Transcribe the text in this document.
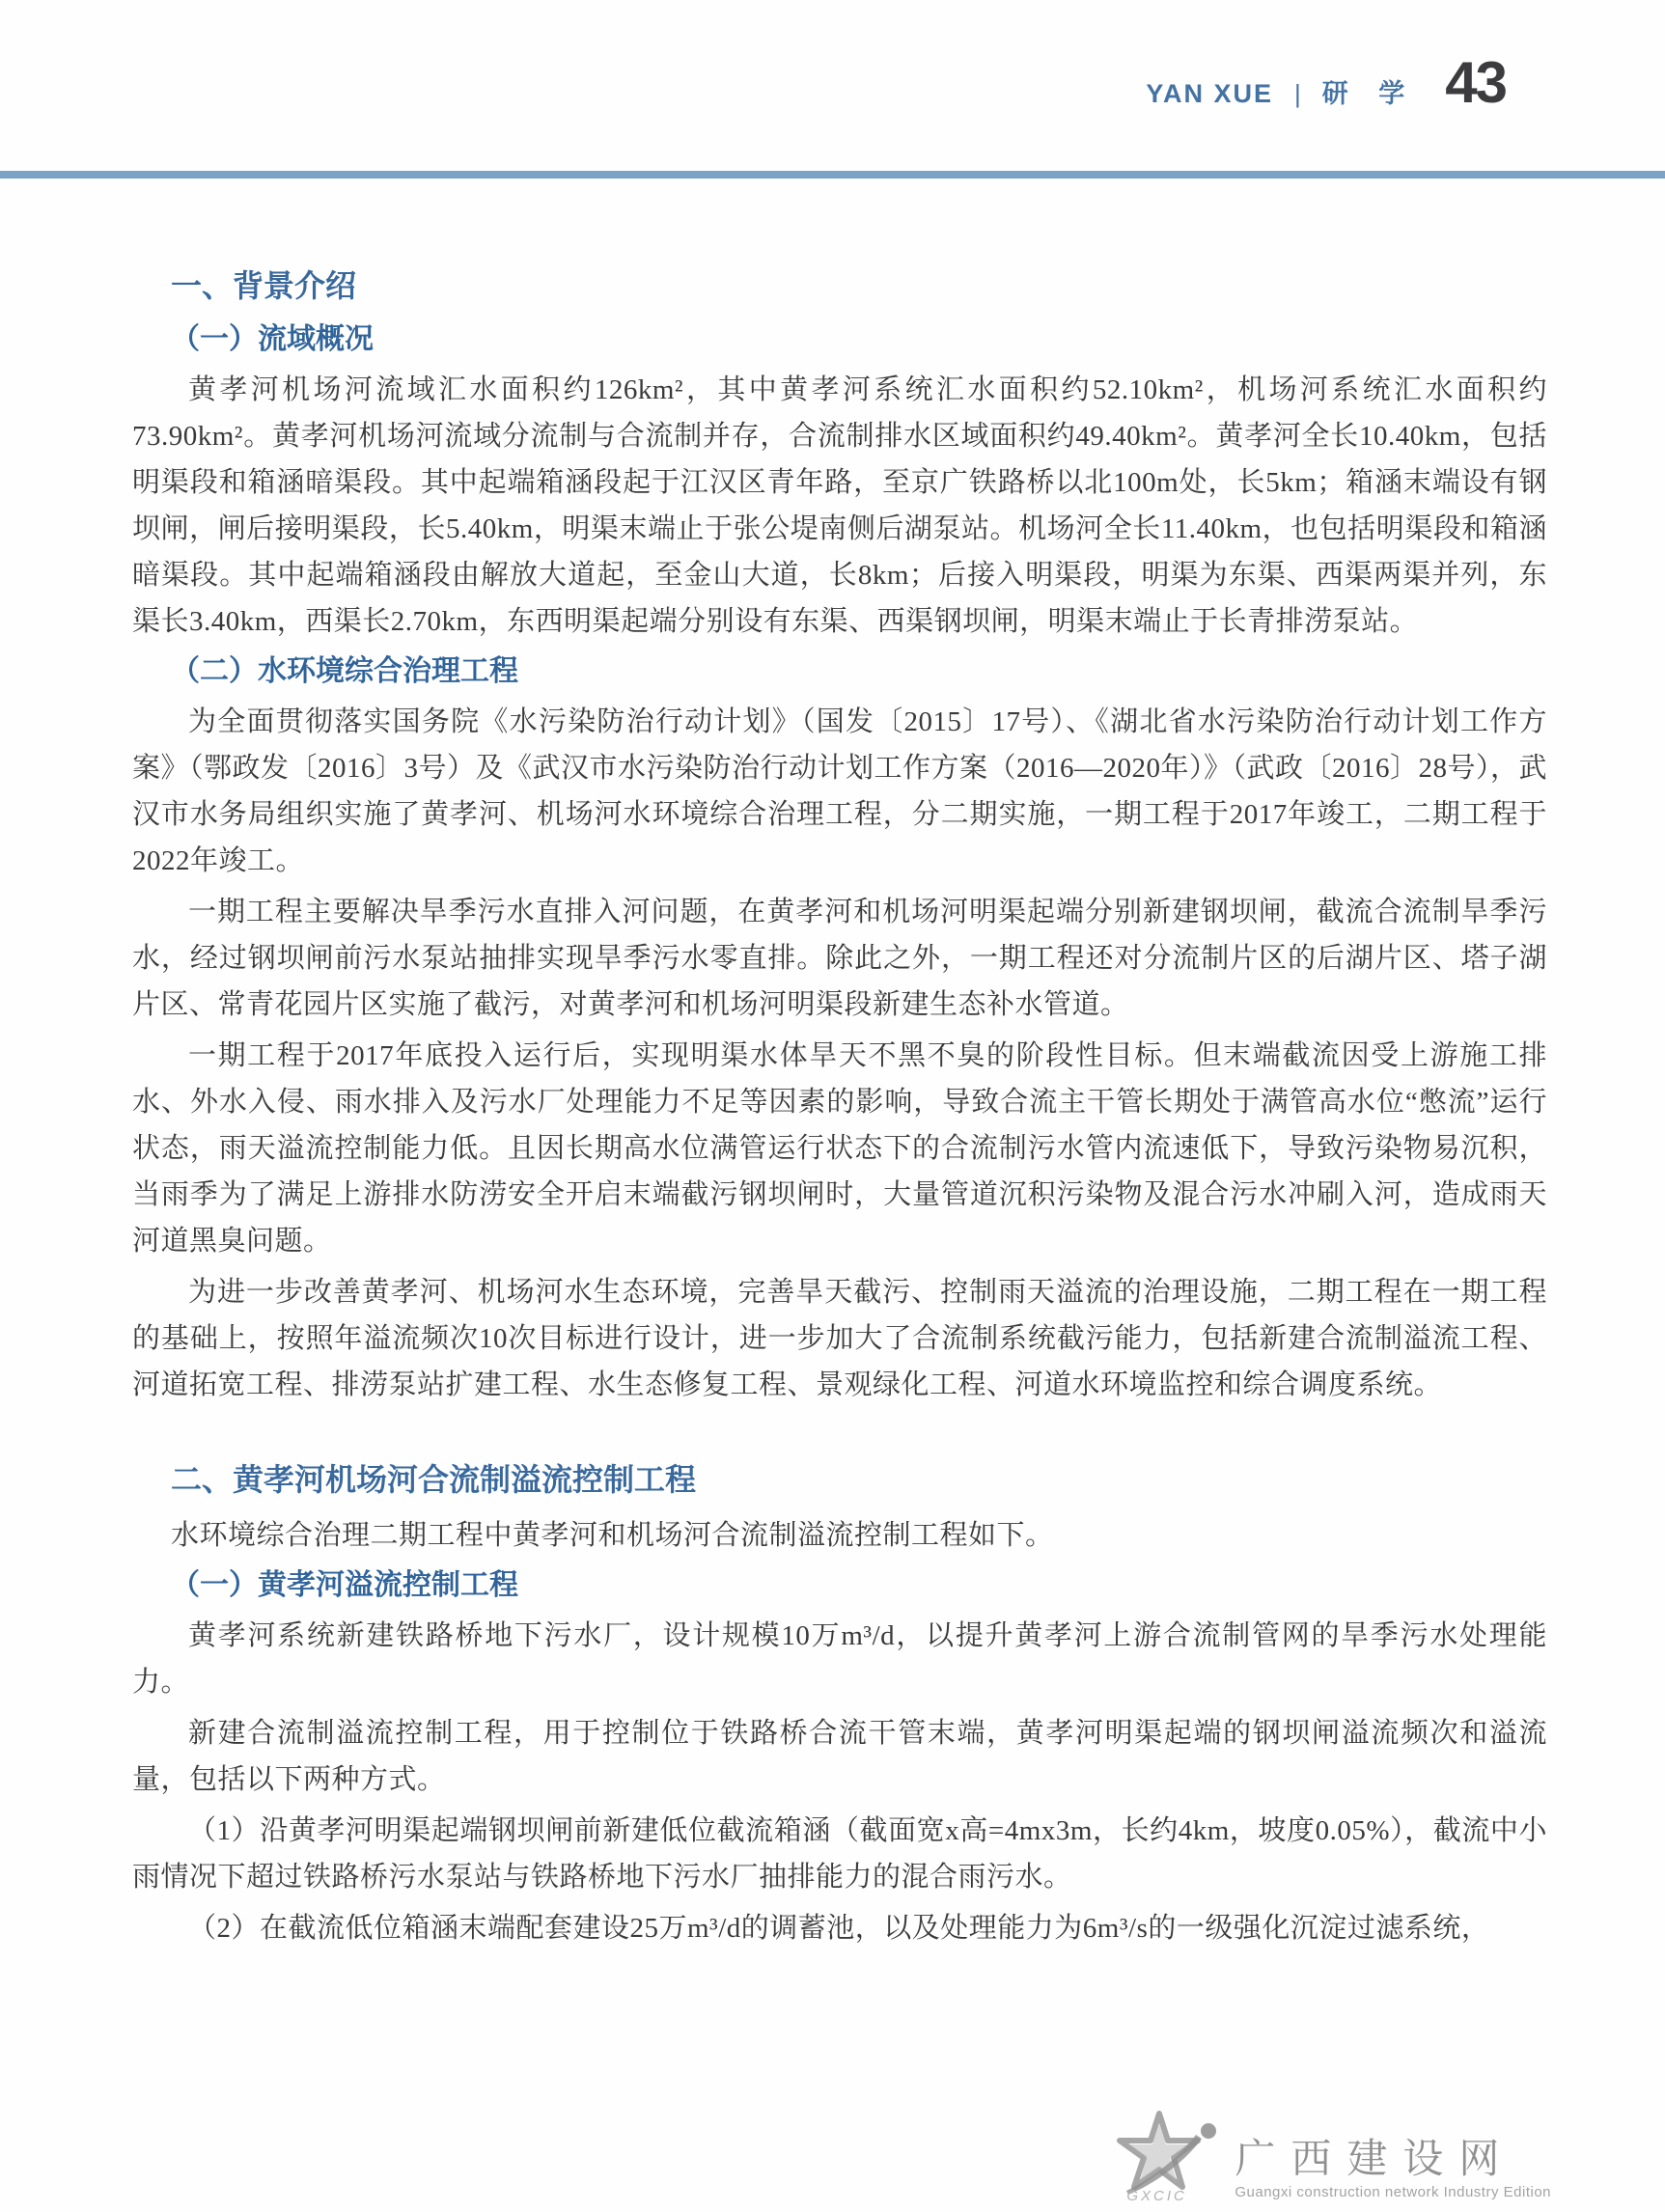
YAN XUE | 研 学 43
一、背景介绍
（一）流域概况

黄孝河机场河流域汇水面积约126km²，其中黄孝河系统汇水面积约52.10km²，机场河系统汇水面积约73.90km²。黄孝河机场河流域分流制与合流制并存，合流制排水区域面积约49.40km²。黄孝河全长10.40km，包括明渠段和箱涵暗渠段。其中起端箱涵段起于江汉区青年路，至京广铁路桥以北100m处，长5km；箱涵末端设有钢坝闸，闸后接明渠段，长5.40km，明渠末端止于张公堤南侧后湖泵站。机场河全长11.40km，也包括明渠段和箱涵暗渠段。其中起端箱涵段由解放大道起，至金山大道，长8km；后接入明渠段，明渠为东渠、西渠两渠并列，东渠长3.40km，西渠长2.70km，东西明渠起端分别设有东渠、西渠钢坝闸，明渠末端止于长青排涝泵站。

（二）水环境综合治理工程

为全面贯彻落实国务院《水污染防治行动计划》（国发〔2015〕17号）、《湖北省水污染防治行动计划工作方案》（鄂政发〔2016〕3号）及《武汉市水污染防治行动计划工作方案（2016—2020年）》（武政〔2016〕28号），武汉市水务局组织实施了黄孝河、机场河水环境综合治理工程，分二期实施，一期工程于2017年竣工，二期工程于2022年竣工。

一期工程主要解决旱季污水直排入河问题，在黄孝河和机场河明渠起端分别新建钢坝闸，截流合流制旱季污水，经过钢坝闸前污水泵站抽排实现旱季污水零直排。除此之外，一期工程还对分流制片区的后湖片区、塔子湖片区、常青花园片区实施了截污，对黄孝河和机场河明渠段新建生态补水管道。

一期工程于2017年底投入运行后，实现明渠水体旱天不黑不臭的阶段性目标。但末端截流因受上游施工排水、外水入侵、雨水排入及污水厂处理能力不足等因素的影响，导致合流主干管长期处于满管高水位“憋流”运行状态，雨天溢流控制能力低。且因长期高水位满管运行状态下的合流制污水管内流速低下，导致污染物易沉积，当雨季为了满足上游排水防涝安全开启末端截污钢坝闸时，大量管道沉积污染物及混合污水冲刷入河，造成雨天河道黑臭问题。

为进一步改善黄孝河、机场河水生态环境，完善旱天截污、控制雨天溢流的治理设施，二期工程在一期工程的基础上，按照年溢流频次10次目标进行设计，进一步加大了合流制系统截污能力，包括新建合流制溢流工程、河道拓宽工程、排涝泵站扩建工程、水生态修复工程、景观绿化工程、河道水环境监控和综合调度系统。

二、黄孝河机场河合流制溢流控制工程

水环境综合治理二期工程中黄孝河和机场河合流制溢流控制工程如下。

（一）黄孝河溢流控制工程

黄孝河系统新建铁路桥地下污水厂，设计规模10万m³/d，以提升黄孝河上游合流制管网的旱季污水处理能力。

新建合流制溢流控制工程，用于控制位于铁路桥合流干管末端，黄孝河明渠起端的钢坝闸溢流频次和溢流量，包括以下两种方式。

（1）沿黄孝河明渠起端钢坝闸前新建低位截流箱涵（截面宽x高=4mx3m，长约4km，坡度0.05%），截流中小雨情况下超过铁路桥污水泵站与铁路桥地下污水厂抽排能力的混合雨污水。

（2）在截流低位箱涵末端配套建设25万m³/d的调蓄池，以及处理能力为6m³/s的一级强化沉淀过滤系统，

GXCIC
广西建设网
Guangxi construction network Industry Edition
